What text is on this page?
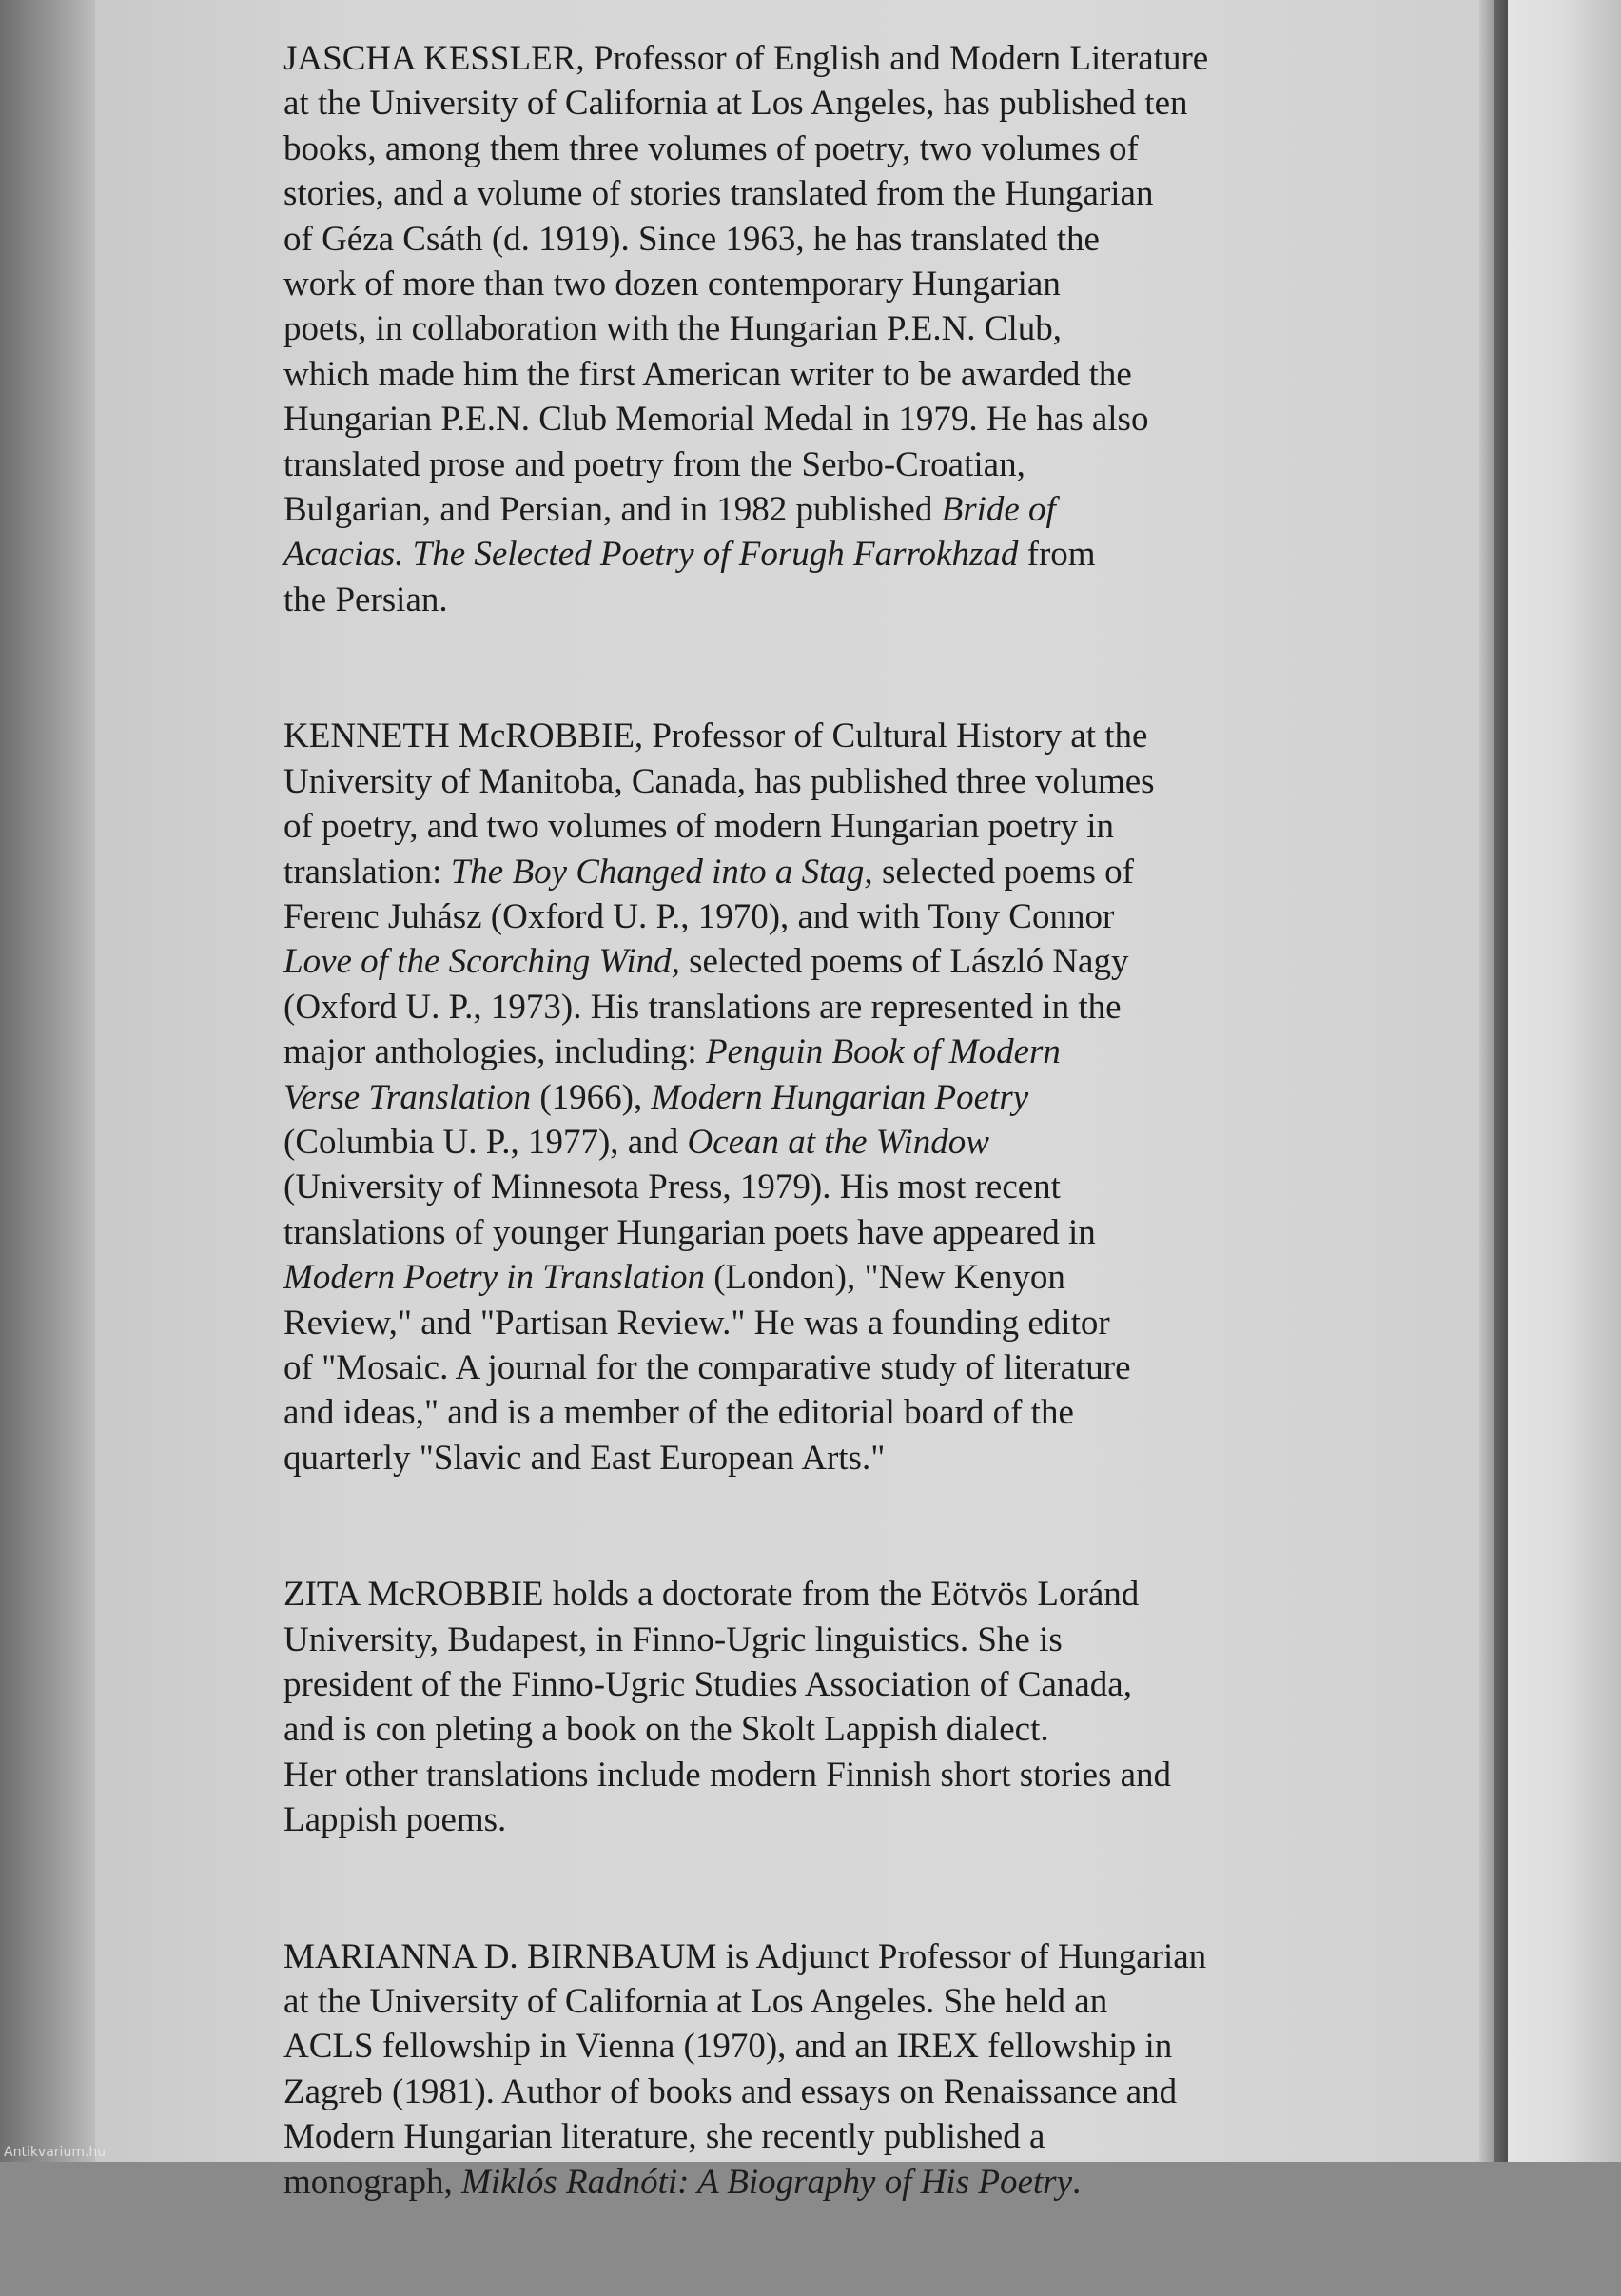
JASCHA KESSLER, Professor of English and Modern Literature
at the University of California at Los Angeles, has published ten
books, among them three volumes of poetry, two volumes of
stories, and a volume of stories translated from the Hungarian
of Géza Csáth (d. 1919). Since 1963, he has translated the
work of more than two dozen contemporary Hungarian
poets, in collaboration with the Hungarian P.E.N. Club,
which made him the first American writer to be awarded the
Hungarian P.E.N. Club Memorial Medal in 1979. He has also
translated prose and poetry from the Serbo-Croatian,
Bulgarian, and Persian, and in 1982 published Bride of
Acacias. The Selected Poetry of Forugh Farrokhzad from
the Persian.
KENNETH McROBBIE, Professor of Cultural History at the
University of Manitoba, Canada, has published three volumes
of poetry, and two volumes of modern Hungarian poetry in
translation: The Boy Changed into a Stag, selected poems of
Ferenc Juhász (Oxford U. P., 1970), and with Tony Connor
Love of the Scorching Wind, selected poems of László Nagy
(Oxford U. P., 1973). His translations are represented in the
major anthologies, including: Penguin Book of Modern
Verse Translation (1966), Modern Hungarian Poetry
(Columbia U. P., 1977), and Ocean at the Window
(University of Minnesota Press, 1979). His most recent
translations of younger Hungarian poets have appeared in
Modern Poetry in Translation (London), "New Kenyon
Review," and "Partisan Review." He was a founding editor
of "Mosaic. A journal for the comparative study of literature
and ideas," and is a member of the editorial board of the
quarterly "Slavic and East European Arts."
ZITA McROBBIE holds a doctorate from the Eötvös Loránd
University, Budapest, in Finno-Ugric linguistics. She is
president of the Finno-Ugric Studies Association of Canada,
and is con pleting a book on the Skolt Lappish dialect.
Her other translations include modern Finnish short stories and
Lappish poems.
MARIANNA D. BIRNBAUM is Adjunct Professor of Hungarian
at the University of California at Los Angeles. She held an
ACLS fellowship in Vienna (1970), and an IREX fellowship in
Zagreb (1981). Author of books and essays on Renaissance and
Modern Hungarian literature, she recently published a
monograph, Miklós Radnóti: A Biography of His Poetry.
Antikvarium.hu
